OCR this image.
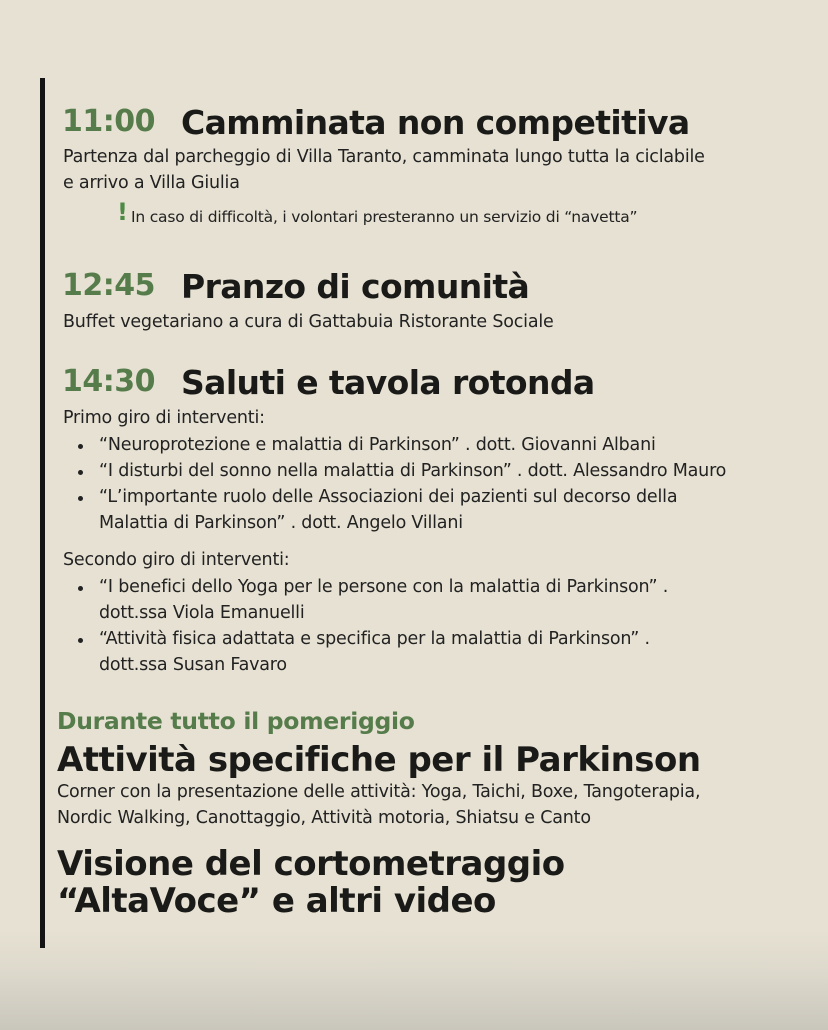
11:00 Camminata non competitiva
Partenza dal parcheggio di Villa Taranto, camminata lungo tutta la ciclabile
e arrivo a Villa Giulia
! In caso di difficoltà, i volontari presteranno un servizio di “navetta”
12:45 Pranzo di comunità
Buffet vegetariano a cura di Gattabuia Ristorante Sociale
14:30 Saluti e tavola rotonda
Primo giro di interventi:
“Neuroprotezione e malattia di Parkinson” . dott. Giovanni Albani
“I disturbi del sonno nella malattia di Parkinson” . dott. Alessandro Mauro
“L’importante ruolo delle Associazioni dei pazienti sul decorso della
Malattia di Parkinson” . dott. Angelo Villani
Secondo giro di interventi:
“I benefici dello Yoga per le persone con la malattia di Parkinson” .
dott.ssa Viola Emanuelli
“Attività fisica adattata e specifica per la malattia di Parkinson” .
dott.ssa Susan Favaro
Durante tutto il pomeriggio
Attività specifiche per il Parkinson
Corner con la presentazione delle attività: Yoga, Taichi, Boxe, Tangoterapia,
Nordic Walking, Canottaggio, Attività motoria, Shiatsu e Canto
Visione del cortometraggio
“AltaVoce” e altri video
